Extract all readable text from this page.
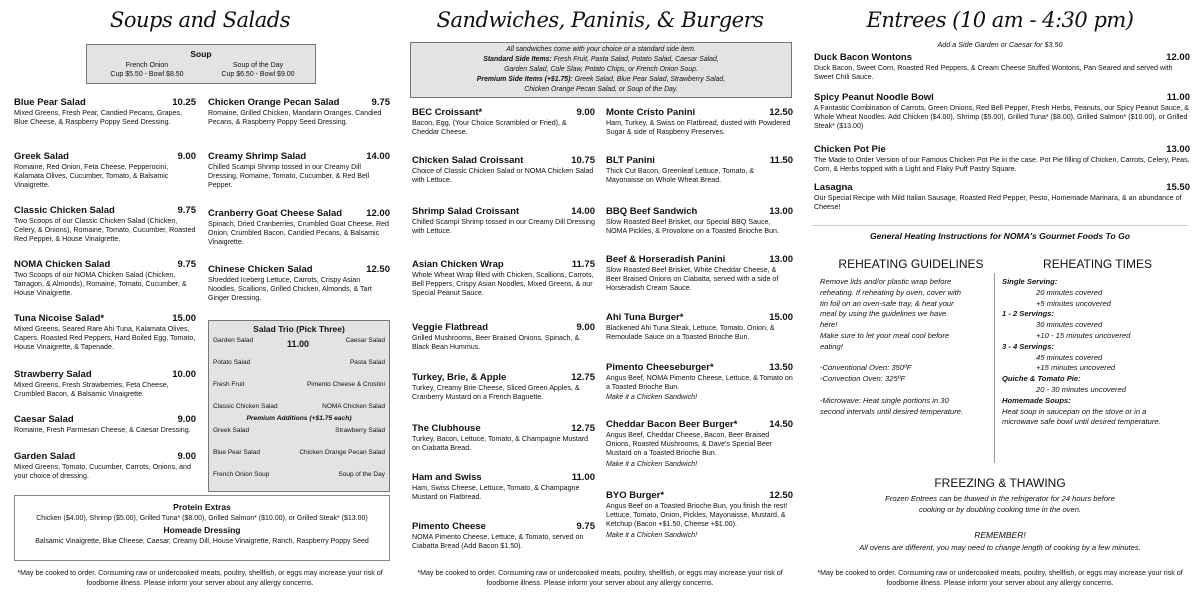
Soups and Salads
Soup
French Onion
Cup $5.50 - Bowl $8.50
Soup of the Day
Cup $6.50 - Bowl $9.00
Blue Pear Salad	10.25
Mixed Greens, Fresh Pear, Candied Pecans, Grapes, Blue Cheese, & Raspberry Poppy Seed Dressing.
Greek Salad	9.00
Romaine, Red Onion, Feta Cheese, Pepperocini, Kalamata Olives, Cucumber, Tomato, & Balsamic Vinaigrette.
Classic Chicken Salad	9.75
Two Scoops of our Classic Chicken Salad (Chicken, Celery, & Onions), Romaine, Tomato, Cucumber, Roasted Red Pepper, & House Vinaigrette.
NOMA Chicken Salad	9.75
Two Scoops of our NOMA Chicken Salad (Chicken, Tarragon, & Almonds), Romaine, Tomato, Cucumber, & House Vinaigrette.
Tuna Nicoise Salad*	15.00
Mixed Greens, Seared Rare Ahi Tuna, Kalamata Olives, Capers, Roasted Red Peppers, Hard Boiled Egg, Tomato, House Vinaigrette, & Tapenade.
Strawberry Salad	10.00
Mixed Greens, Fresh Strawberries, Feta Cheese, Crumbled Bacon, & Balsamic Vinaigrette.
Caesar Salad	9.00
Romaine, Fresh Parmesan Cheese, & Caesar Dressing.
Garden Salad	9.00
Mixed Greens, Tomato, Cucumber, Carrots, Onions, and your choice of dressing.
Chicken Orange Pecan Salad	9.75
Romaine, Grilled Chicken, Mandarin Oranges, Candied Pecans, & Raspberry Poppy Seed Dressing.
Creamy Shrimp Salad	14.00
Chilled Scampi Shrimp tossed in our Creamy Dill Dressing, Romaine, Tomato, Cucumber, & Red Bell Pepper.
Cranberry Goat Cheese Salad	12.00
Spinach, Dried Cranberries, Crumbled Goat Cheese, Red Onion, Crumbled Bacon, Candied Pecans, & Balsamic Vinaigrette.
Chinese Chicken Salad	12.50
Shredded Iceberg Lettuce, Carrots, Crispy Asian Noodles, Scallions, Grilled Chicken, Almonds, & Tart Ginger Dressing.
Salad Trio (Pick Three)
11.00
Garden Salad	Caesar Salad
Potato Salad	Pasta Salad
Fresh Fruit	Pimento Cheese & Crostini
Classic Chicken Salad	NOMA Chicken Salad
Premium Additions (+$1.75 each)
Greek Salad	Strawberry Salad
Blue Pear Salad	Chicken Orange Pecan Salad
French Onion Soup	Soup of the Day
Protein Extras
Chicken ($4.00), Shrimp ($5.00), Grilled Tuna* ($8.00), Grilled Salmon* ($10.00), or Grilled Steak* ($13.00)
Homeade Dressing
Balsamic Vinaigrette, Blue Cheese, Caesar, Creamy Dill, House Vinaigrette, Ranch, Raspberry Poppy Seed
*May be cooked to order. Consuming raw or undercooked meats, poultry, shellfish, or eggs may increase your risk of foodborne illness. Please inform your server about any allergy concerns.
Sandwiches, Paninis, & Burgers
All sandwiches come with your choice or a standard side item.
Standard Side Items: Fresh Fruit, Pasta Salad, Potato Salad, Caesar Salad,
Garden Salad, Cole Slaw, Potato Chips, or French Onion Soup.
Premium Side Items (+$1.75): Greek Salad, Blue Pear Salad, Strawberry Salad,
Chicken Orange Pecan Salad, or Soup of the Day.
BEC Croissant*	9.00
Bacon, Egg, (Your Choice Scrambled or Fried), & Cheddar Cheese.
Chicken Salad Croissant	10.75
Choice of Classic Chicken Salad or NOMA Chicken Salad with Lettuce.
Shrimp Salad Croissant	14.00
Chilled Scampi Shrimp tossed in our Creamy Dill Dressing with Lettuce.
Asian Chicken Wrap	11.75
Whole Wheat Wrap filled with Chicken, Scallions, Carrots, Bell Peppers, Crispy Asian Noodles, Mixed Greens, & our Special Peanut Sauce.
Veggie Flatbread	9.00
Grilled Mushrooms, Beer Braised Onions, Spinach, & Black Bean Hummus.
Turkey, Brie, & Apple	12.75
Turkey, Creamy Brie Cheese, Sliced Green Apples, & Cranberry Mustard on a French Baguette.
The Clubhouse	12.75
Turkey, Bacon, Lettuce, Tomato, & Champagne Mustard on Ciabatta Bread.
Ham and Swiss	11.00
Ham, Swiss Cheese, Lettuce, Tomato, & Champagne Mustard on Flatbread.
Pimento Cheese	9.75
NOMA Pimento Cheese, Lettuce, & Tomato, served on Ciabatta Bread (Add Bacon $1.50).
Monte Cristo Panini	12.50
Ham, Turkey, & Swiss on Flatbread, dusted with Powdered Sugar & side of Raspberry Preserves.
BLT Panini	11.50
Thick Cut Bacon, Greenleaf Lettuce, Tomato, & Mayonaisse on Whole Wheat Bread.
BBQ Beef Sandwich	13.00
Slow Roasted Beef Brisket, our Special BBQ Sauce, NOMA Pickles, & Provolone on a Toasted Brioche Bun.
Beef & Horseradish Panini	13.00
Slow Roasted Beef Brisket, White Cheddar Cheese, & Beer Braised Onions on Ciabatta, served with a side of Horseradish Cream Sauce.
Ahi Tuna Burger*	15.00
Blackened Ahi Tuna Steak, Lettuce, Tomato, Onion, & Remoulade Sauce on a Toasted Brioche Bun.
Pimento Cheeseburger*	13.50
Angus Beef, NOMA Pimento Cheese, Lettuce, & Tomato on a Toasted Brioche Bun.
Make it a Chicken Sandwich!
Cheddar Bacon Beer Burger*	14.50
Angus Beef, Cheddar Cheese, Bacon, Beer Braised Onions, Roasted Mushrooms, & Dave's Special Beer Mustard on a Toasted Brioche Bun.
Make it a Chicken Sandwich!
BYO Burger*	12.50
Angus Beef on a Toasted Brioche Bun, you finish the rest! Lettuce, Tomato, Onion, Pickles, Mayonaisse, Mustard, & Ketchup (Bacon +$1.50, Cheese +$1.00).
Make it a Chicken Sandwich!
*May be cooked to order. Consuming raw or undercooked meats, poultry, shellfish, or eggs may increase your risk of foodborne illness. Please inform your server about any allergy concerns.
Entrees (10 am - 4:30 pm)
Add a Side Garden or Caesar for $3.50
Duck Bacon Wontons	12.00
Duck Bacon, Sweet Corn, Roasted Red Peppers, & Cream Cheese Stuffed Wontons, Pan Seared and served with Sweet Chili Sauce.
Spicy Peanut Noodle Bowl	11.00
A Fantastic Combination of Carrots, Green Onions, Red Bell Pepper, Fresh Herbs, Peanuts, our Spicy Peanut Sauce, & Whole Wheat Noodles. Add Chicken ($4.00), Shrimp ($5.00), Grilled Tuna* ($8.00), Grilled Salmon* ($10.00), or Grilled Steak* ($13.00)
Chicken Pot Pie	13.00
The Made to Order Version of our Famous Chicken Pot Pie in the case. Pot Pie filling of Chicken, Carrots, Celery, Peas, Corn, & Herbs topped with a Light and Flaky Puff Pastry Square.
Lasagna	15.50
Our Special Recipe with Mild Italian Sausage, Roasted Red Pepper, Pesto, Homemade Marinara, & an abundance of Cheese!
General Heating Instructions for NOMA's Gourmet Foods To Go
REHEATING GUIDELINES
Remove lids and/or plastic wrap before
reheating. If reheating by oven, cover with
tin foil on an oven-safe tray, & heat your
meal by using the guidelines we have
here!
Make sure to let your meal cool before
eating!
-Conventional Oven: 350ºF
-Convection Oven: 325ºF
-Microwave: Heat single portions in 30
second intervals until desired temperature.
REHEATING TIMES
Single Serving:
20 minutes covered
+5 minutes uncovered
1 - 2 Servings:
30 minutes covered
+10 - 15 minutes uncovered
3 - 4 Servings:
45 minutes covered
+15 minutes uncovered
Quiche & Tomato Pie:
20 - 30 minutes uncovered
Homemade Soups:
Heat soup in saucepan on the stove or in a
microwave safe bowl until desired temperature.
FREEZING & THAWING
Frozen Entrees can be thawed in the refrigerator for 24 hours before
cooking or by doubling cooking time in the oven.
REMEMBER!
All ovens are different, you may need to change length of cooking by a few minutes.
*May be cooked to order. Consuming raw or undercooked meats, poultry, shellfish, or eggs may increase your risk of foodborne illness. Please inform your server about any allergy concerns.
